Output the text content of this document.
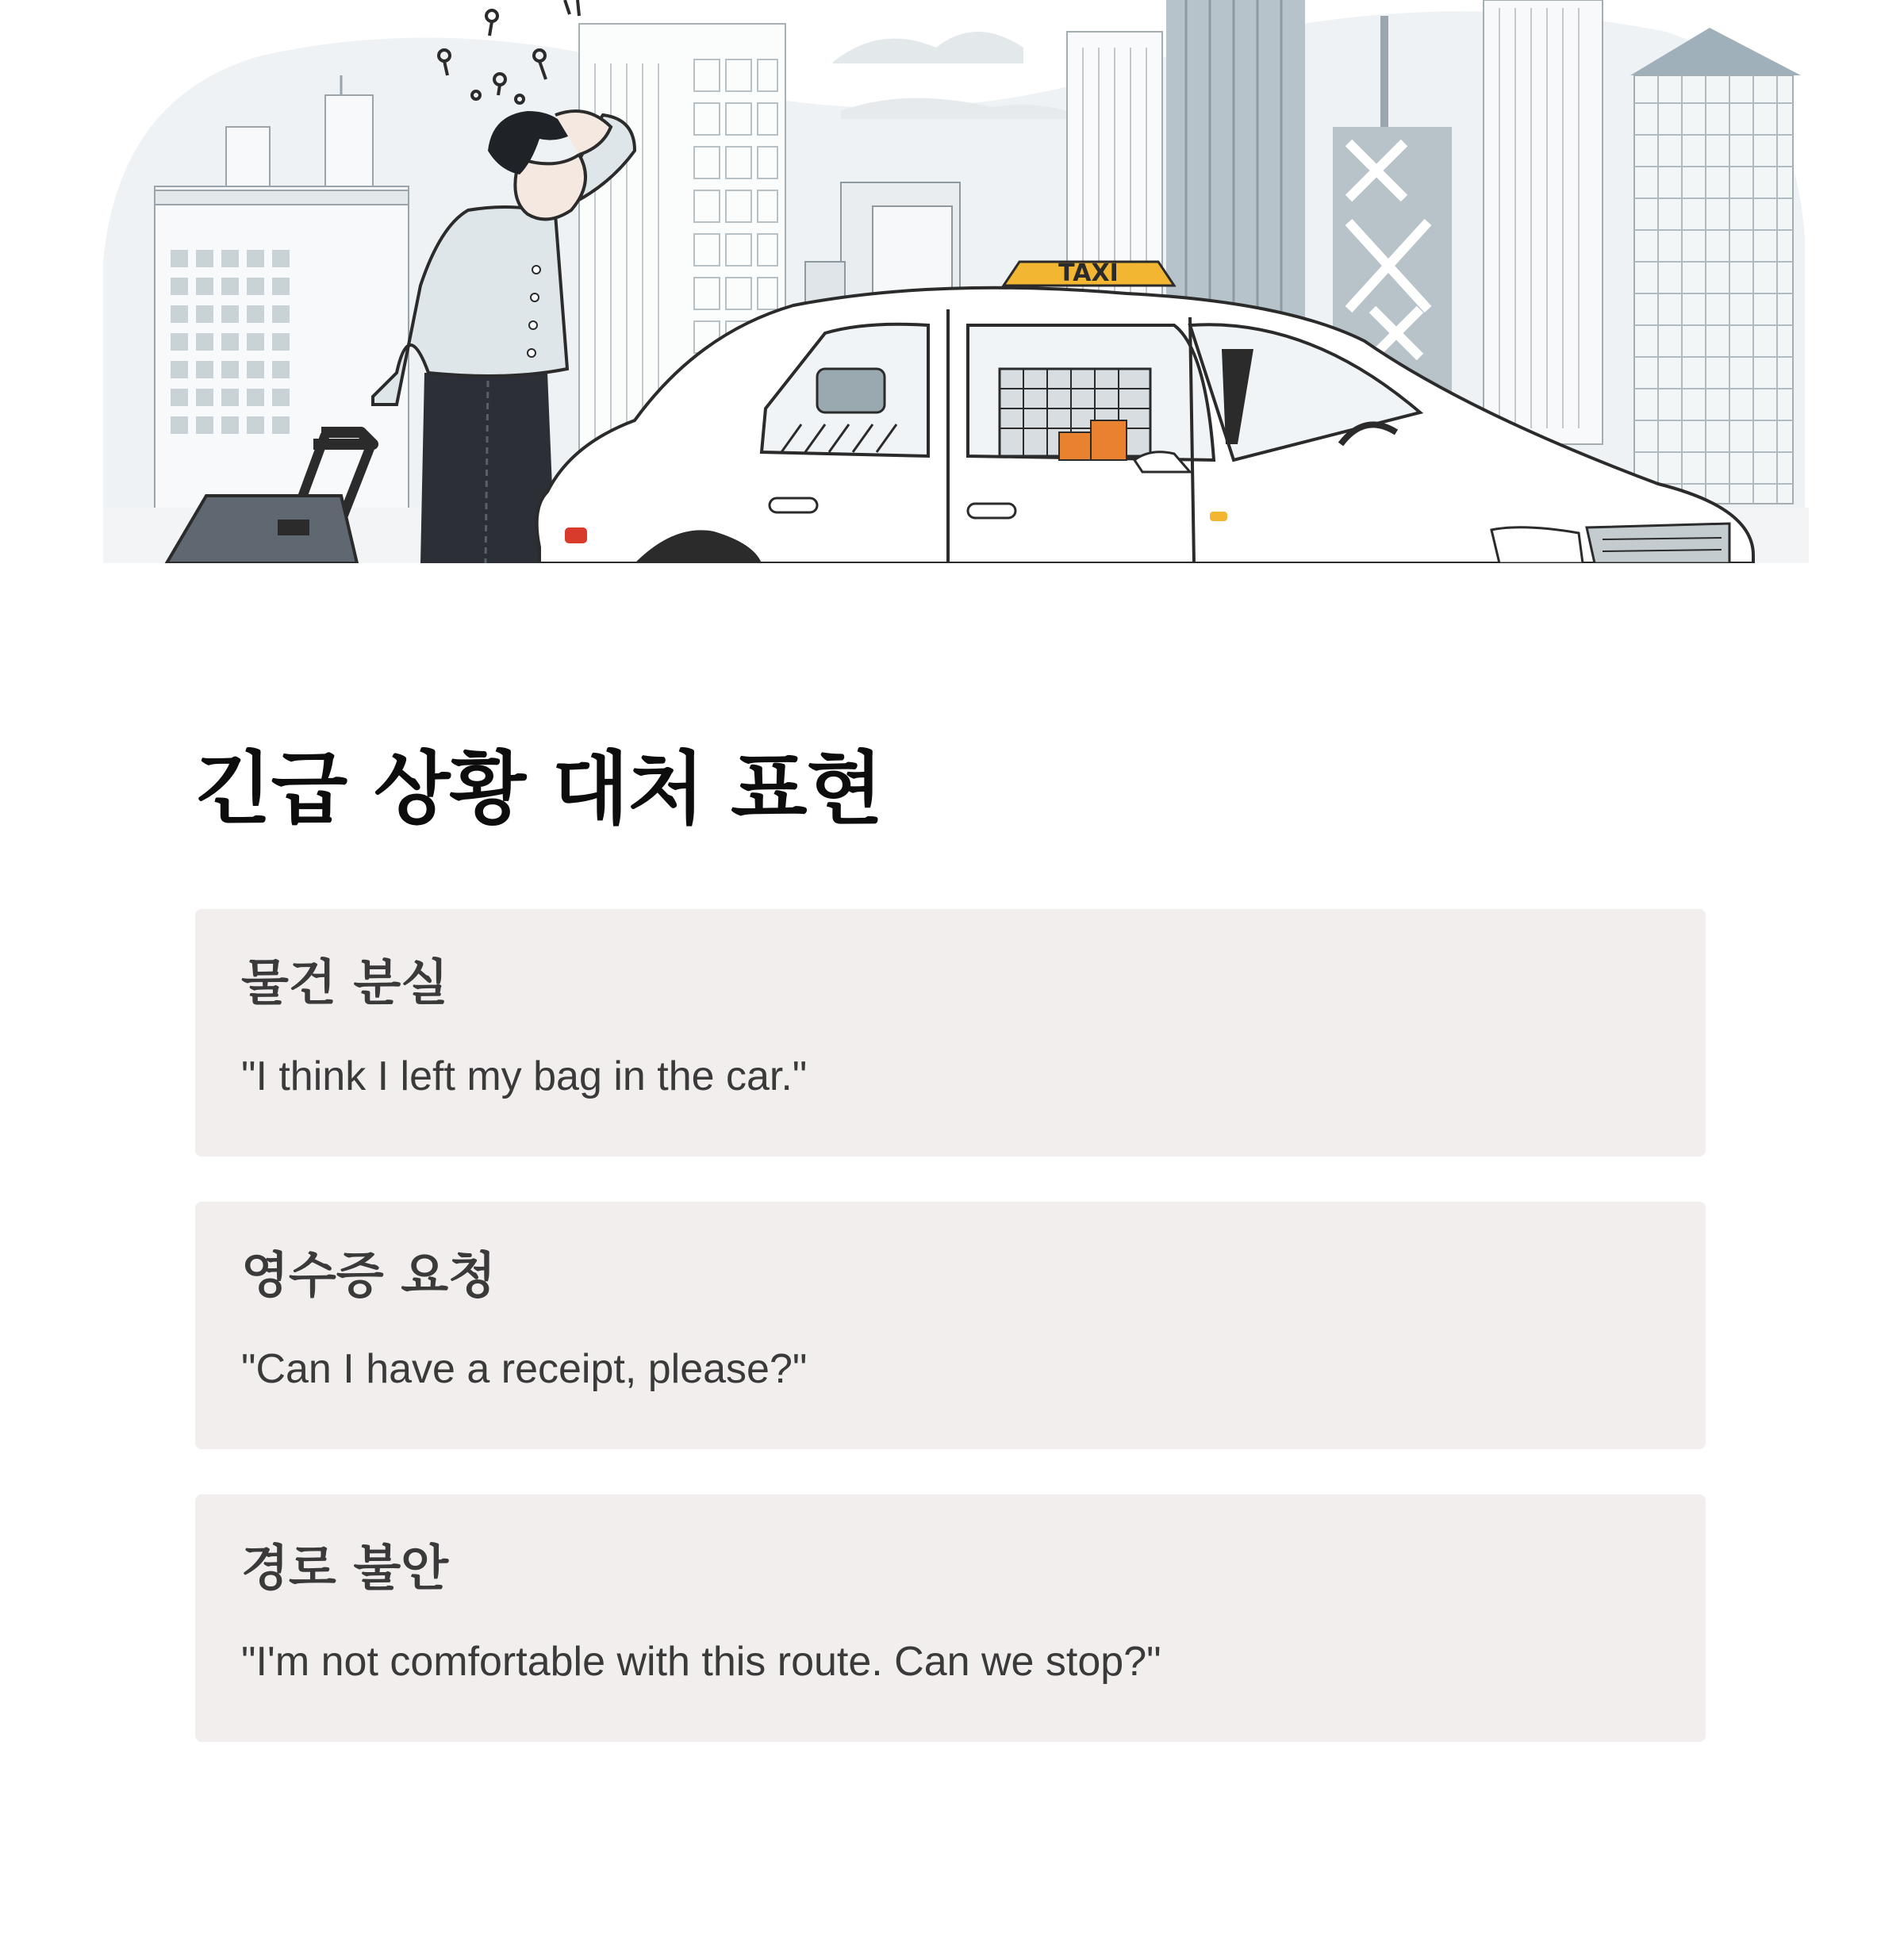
TAXI
긴급 상황 대처 표현
물건 분실

"I think I left my bag in the car."

영수증 요청

"Can I have a receipt, please?"

경로 불안

"I'm not comfortable with this route. Can we stop?"
